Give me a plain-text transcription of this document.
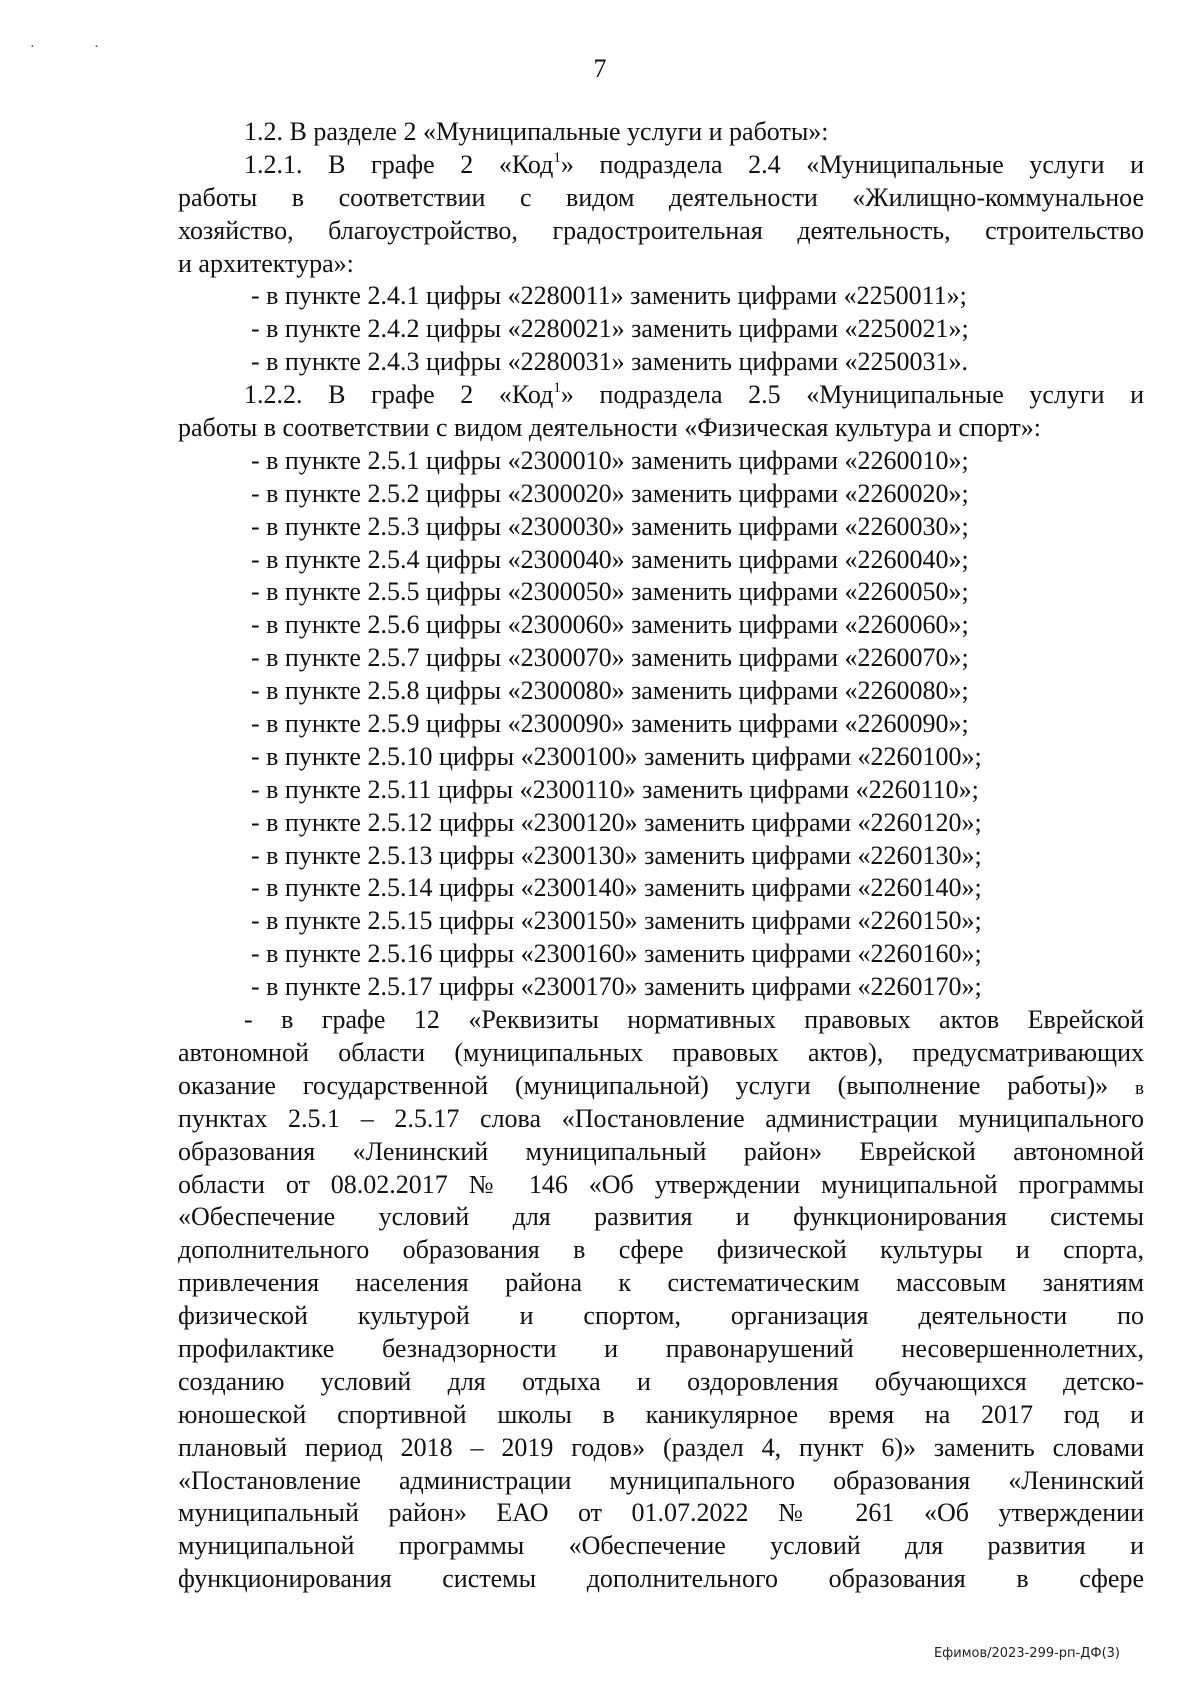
· ·
7
1.2. В разделе 2 «Муниципальные услуги и работы»:
1.2.1. В графе 2 «Код$^1$» подраздела 2.4 «Муниципальные услуги и
работы в соответствии с видом деятельности «Жилищно-коммунальное
хозяйство, благоустройство, градостроительная деятельность, строительство
и архитектура»:
- в пункте 2.4.1 цифры «2280011» заменить цифрами «2250011»;
- в пункте 2.4.2 цифры «2280021» заменить цифрами «2250021»;
- в пункте 2.4.3 цифры «2280031» заменить цифрами «2250031».
1.2.2. В графе 2 «Код$^1$» подраздела 2.5 «Муниципальные услуги и
работы в соответствии с видом деятельности «Физическая культура и спорт»:
- в пункте 2.5.1 цифры «2300010» заменить цифрами «2260010»;
- в пункте 2.5.2 цифры «2300020» заменить цифрами «2260020»;
- в пункте 2.5.3 цифры «2300030» заменить цифрами «2260030»;
- в пункте 2.5.4 цифры «2300040» заменить цифрами «2260040»;
- в пункте 2.5.5 цифры «2300050» заменить цифрами «2260050»;
- в пункте 2.5.6 цифры «2300060» заменить цифрами «2260060»;
- в пункте 2.5.7 цифры «2300070» заменить цифрами «2260070»;
- в пункте 2.5.8 цифры «2300080» заменить цифрами «2260080»;
- в пункте 2.5.9 цифры «2300090» заменить цифрами «2260090»;
- в пункте 2.5.10 цифры «2300100» заменить цифрами «2260100»;
- в пункте 2.5.11 цифры «2300110» заменить цифрами «2260110»;
- в пункте 2.5.12 цифры «2300120» заменить цифрами «2260120»;
- в пункте 2.5.13 цифры «2300130» заменить цифрами «2260130»;
- в пункте 2.5.14 цифры «2300140» заменить цифрами «2260140»;
- в пункте 2.5.15 цифры «2300150» заменить цифрами «2260150»;
- в пункте 2.5.16 цифры «2300160» заменить цифрами «2260160»;
- в пункте 2.5.17 цифры «2300170» заменить цифрами «2260170»;
- в графе 12 «Реквизиты нормативных правовых актов Еврейской
автономной области (муниципальных правовых актов), предусматривающих
оказание государственной (муниципальной) услуги (выполнение работы)» в
пунктах 2.5.1 – 2.5.17 слова «Постановление администрации муниципального
образования «Ленинский муниципальный район» Еврейской автономной
области от 08.02.2017 № 146 «Об утверждении муниципальной программы
«Обеспечение условий для развития и функционирования системы
дополнительного образования в сфере физической культуры и спорта,
привлечения населения района к систематическим массовым занятиям
физической культурой и спортом, организация деятельности по
профилактике безнадзорности и правонарушений несовершеннолетних,
созданию условий для отдыха и оздоровления обучающихся детско-
юношеской спортивной школы в каникулярное время на 2017 год и
плановый период 2018 – 2019 годов» (раздел 4, пункт 6)» заменить словами
«Постановление администрации муниципального образования «Ленинский
муниципальный район» ЕАО от 01.07.2022 № 261 «Об утверждении
муниципальной программы «Обеспечение условий для развития и
функционирования системы дополнительного образования в сфере
Ефимов/2023-299-рп-ДФ(3)
